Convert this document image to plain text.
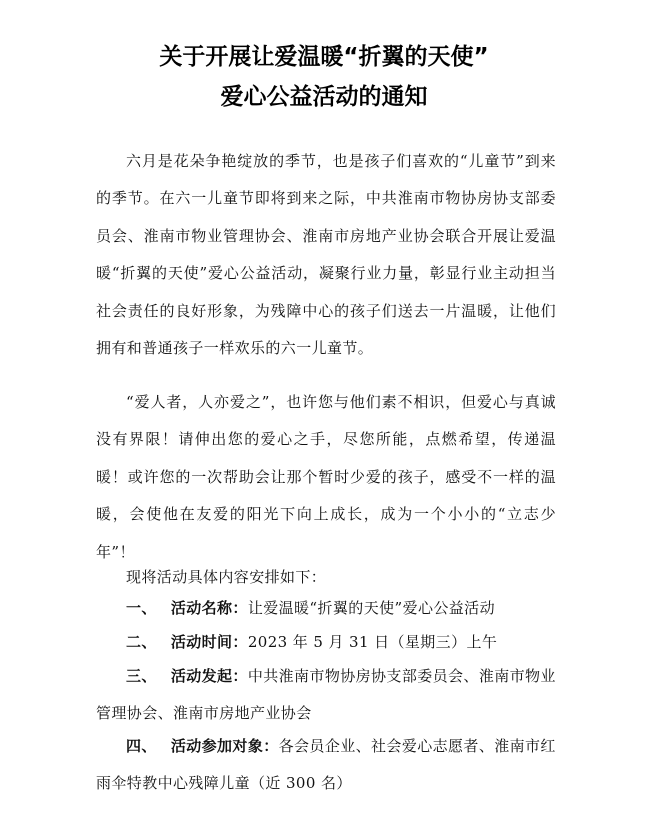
关于开展让爱温暖“折翼的天使”
爱心公益活动的通知

六月是花朵争艳绽放的季节，也是孩子们喜欢的“儿童节”到来的季节。在六一儿童节即将到来之际，中共淮南市物协房协支部委员会、淮南市物业管理协会、淮南市房地产业协会联合开展让爱温暖“折翼的天使”爱心公益活动，凝聚行业力量，彰显行业主动担当社会责任的良好形象，为残障中心的孩子们送去一片温暖，让他们拥有和普通孩子一样欢乐的六一儿童节。

“爱人者，人亦爱之”，也许您与他们素不相识，但爱心与真诚没有界限！请伸出您的爱心之手，尽您所能，点燃希望，传递温暖！或许您的一次帮助会让那个暂时少爱的孩子，感受不一样的温暖，会使他在友爱的阳光下向上成长，成为一个小小的“立志少年”！

现将活动具体内容安排如下：

一、 活动名称：让爱温暖“折翼的天使”爱心公益活动

二、 活动时间：2023 年 5 月 31 日（星期三）上午

三、 活动发起：中共淮南市物协房协支部委员会、淮南市物业管理协会、淮南市房地产业协会

四、 活动参加对象：各会员企业、社会爱心志愿者、淮南市红雨伞特教中心残障儿童（近 300 名）
